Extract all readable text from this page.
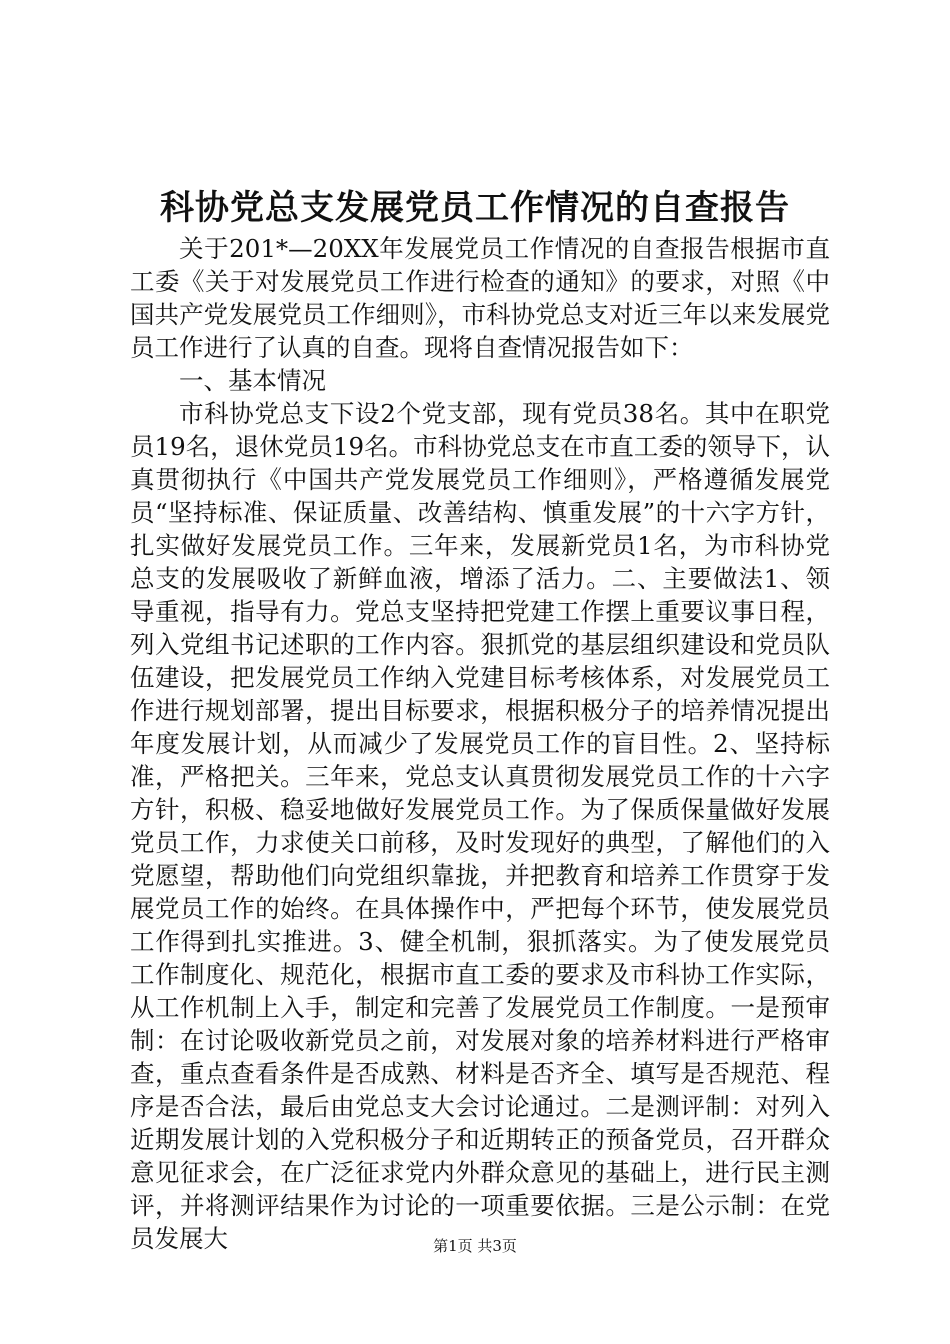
科协党总支发展党员工作情况的自查报告

关于201*—20XX年发展党员工作情况的自查报告根据市直工委《关于对发展党员工作进行检查的通知》的要求，对照《中国共产党发展党员工作细则》，市科协党总支对近三年以来发展党员工作进行了认真的自查。现将自查情况报告如下：

一、基本情况

市科协党总支下设2个党支部，现有党员38名。其中在职党员19名，退休党员19名。市科协党总支在市直工委的领导下，认真贯彻执行《中国共产党发展党员工作细则》，严格遵循发展党员“坚持标准、保证质量、改善结构、慎重发展”的十六字方针，扎实做好发展党员工作。三年来，发展新党员1名，为市科协党总支的发展吸收了新鲜血液，增添了活力。二、主要做法1、领导重视，指导有力。党总支坚持把党建工作摆上重要议事日程，列入党组书记述职的工作内容。狠抓党的基层组织建设和党员队伍建设，把发展党员工作纳入党建目标考核体系，对发展党员工作进行规划部署，提出目标要求，根据积极分子的培养情况提出年度发展计划，从而减少了发展党员工作的盲目性。2、坚持标准，严格把关。三年来，党总支认真贯彻发展党员工作的十六字方针，积极、稳妥地做好发展党员工作。为了保质保量做好发展党员工作，力求使关口前移，及时发现好的典型，了解他们的入党愿望，帮助他们向党组织靠拢，并把教育和培养工作贯穿于发展党员工作的始终。在具体操作中，严把每个环节，使发展党员工作得到扎实推进。3、健全机制，狠抓落实。为了使发展党员工作制度化、规范化，根据市直工委的要求及市科协工作实际，从工作机制上入手，制定和完善了发展党员工作制度。一是预审制：在讨论吸收新党员之前，对发展对象的培养材料进行严格审查，重点查看条件是否成熟、材料是否齐全、填写是否规范、程序是否合法，最后由党总支大会讨论通过。二是测评制：对列入近期发展计划的入党积极分子和近期转正的预备党员，召开群众意见征求会，在广泛征求党内外群众意见的基础上，进行民主测评，并将测评结果作为讨论的一项重要依据。三是公示制：在党员发展大	第1页 共3页
